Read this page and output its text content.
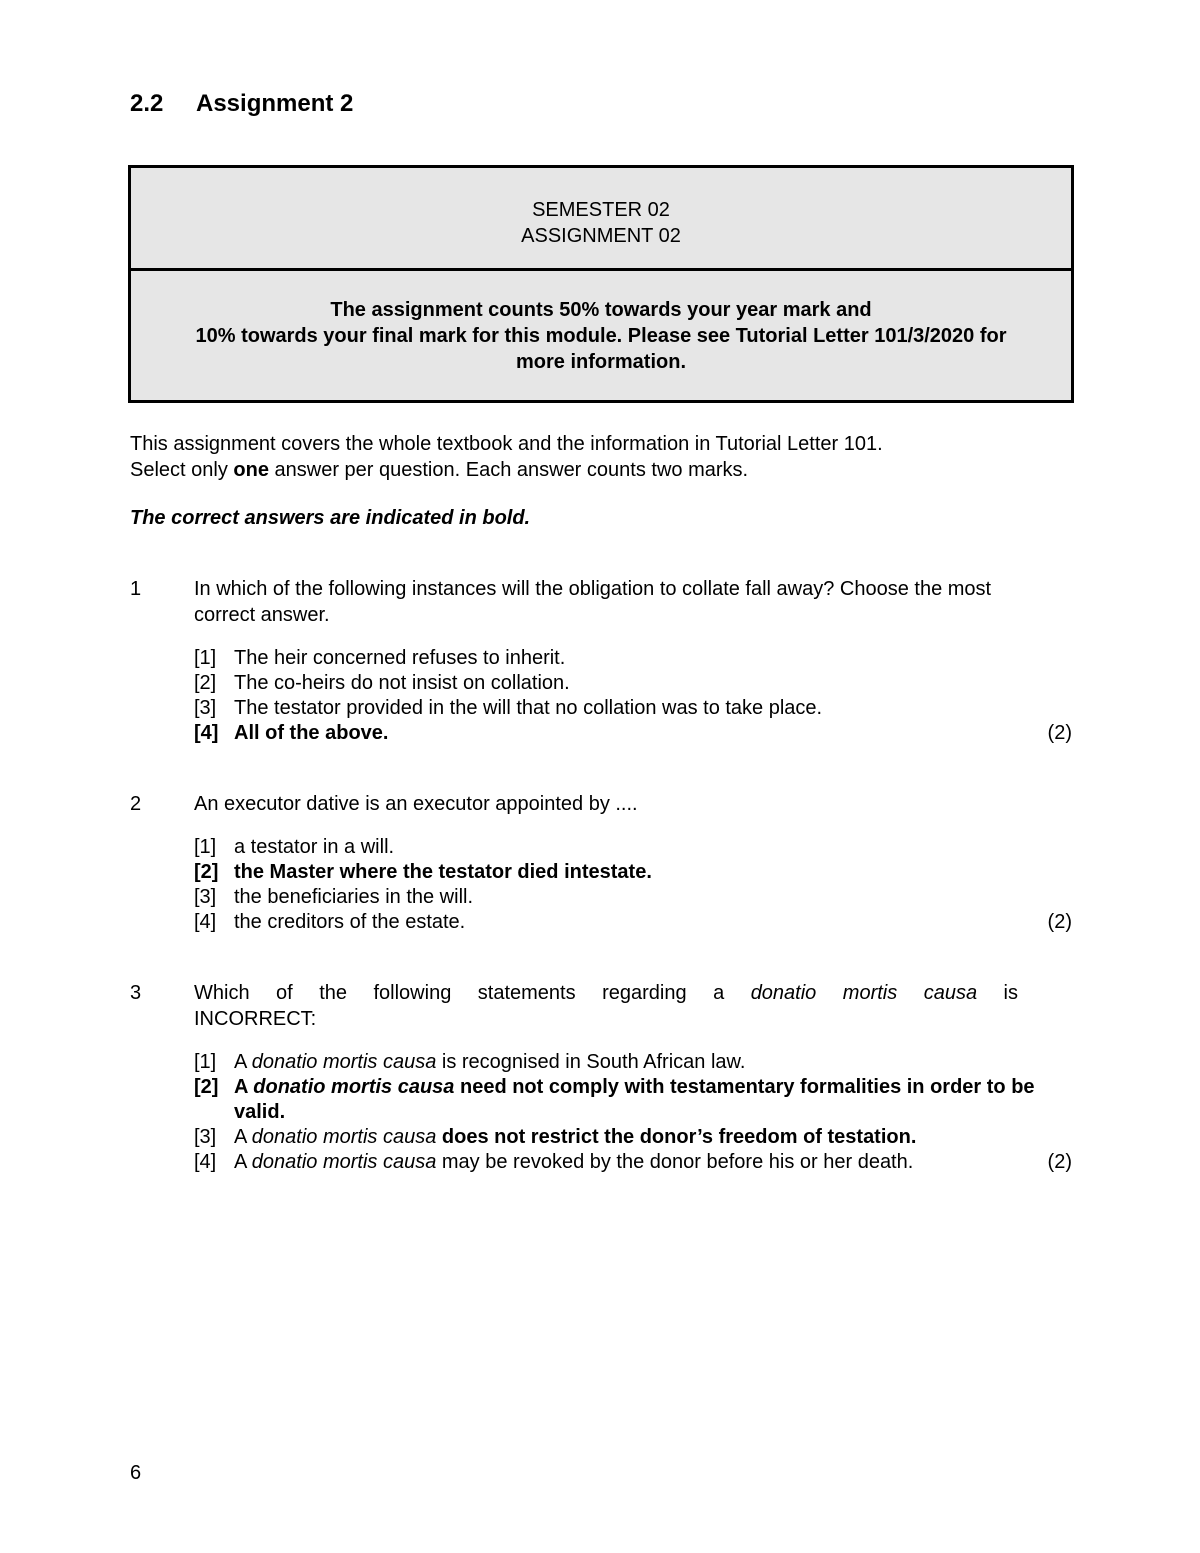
2.2 Assignment 2
SEMESTER 02
ASSIGNMENT 02
The assignment counts 50% towards your year mark and
10% towards your final mark for this module. Please see Tutorial Letter 101/3/2020 for
more information.

This assignment covers the whole textbook and the information in Tutorial Letter 101.

Select only one answer per question. Each answer counts two marks.

The correct answers are indicated in bold.

1	In which of the following instances will the obligation to collate fall away? Choose the most correct answer.
[1] The heir concerned refuses to inherit.
[2] The co-heirs do not insist on collation.
[3] The testator provided in the will that no collation was to take place.
[4] All of the above.	(2)
2	An executor dative is an executor appointed by ....
[1] a testator in a will.
[2] the Master where the testator died intestate.
[3] the beneficiaries in the will.
[4] the creditors of the estate.	(2)
3	Which of the following statements regarding a donatio mortis causa is
INCORRECT:
[1] A donatio mortis causa is recognised in South African law.
[2] A donatio mortis causa need not comply with testamentary formalities in order to be valid.
[3] A donatio mortis causa does not restrict the donor’s freedom of testation.
[4] A donatio mortis causa may be revoked by the donor before his or her death.	(2)

6
